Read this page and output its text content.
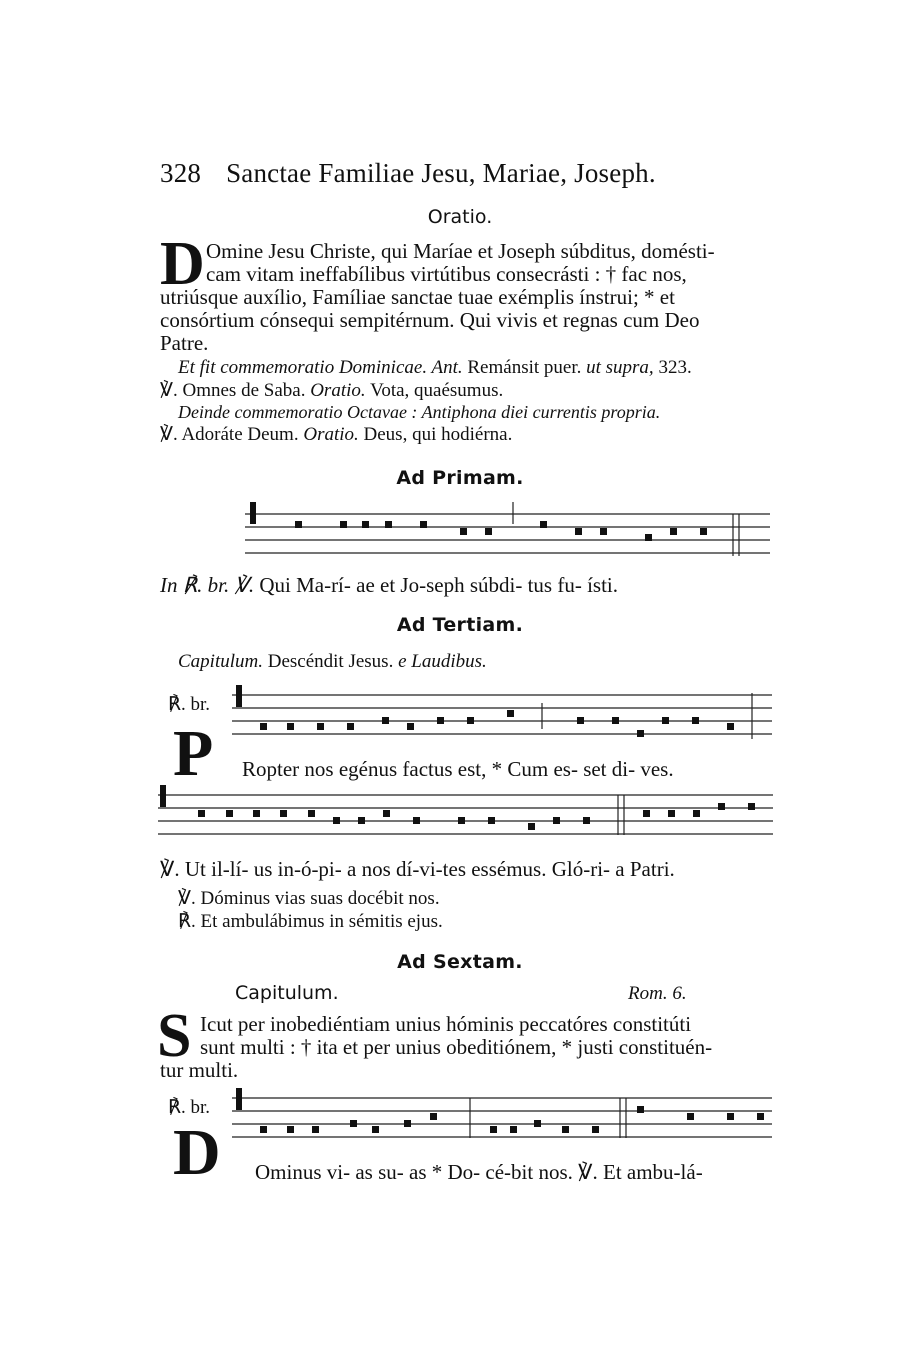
328 Sanctae Familiae Jesu, Mariae, Joseph.
Oratio.
D Omine Jesu Christe, qui Maríae et Joseph súbditus, domésti-
cam vitam ineffabílibus virtútibus consecrásti : † fac nos,
utriúsque auxílio, Famíliae sanctae tuae exémplis ínstrui; * et
consórtium cónsequi sempitérnum. Qui vivis et regnas cum Deo
Patre.
Et fit commemoratio Dominicae. Ant. Remánsit puer. ut supra, 323.
℣. Omnes de Saba. Oratio. Vota, quaésumus.
Deinde commemoratio Octavae : Antiphona diei currentis propria.
℣. Adoráte Deum. Oratio. Deus, qui hodiérna.
Ad Primam.
In ℟. br. ℣. Qui Ma-rí- ae et Jo-seph súbdi- tus fu- ísti.
Ad Tertiam.
Capitulum. Descéndit Jesus. e Laudibus.
℟. br.
P Ropter nos egénus factus est, * Cum es- set di- ves.
℣. Ut il-lí- us in-ó-pi- a nos dí-vi-tes essémus. Gló-ri- a Patri.
℣. Dóminus vias suas docébit nos.
℟. Et ambulábimus in sémitis ejus.
Ad Sextam.
Capitulum.	Rom. 6.
S Icut per inobediéntiam unius hóminis peccatóres constitúti
sunt multi : † ita et per unius obeditiónem, * justi constituén-
tur multi.
℟. br.
D Ominus vi- as su- as * Do- cé-bit nos. ℣. Et ambu-lá-
